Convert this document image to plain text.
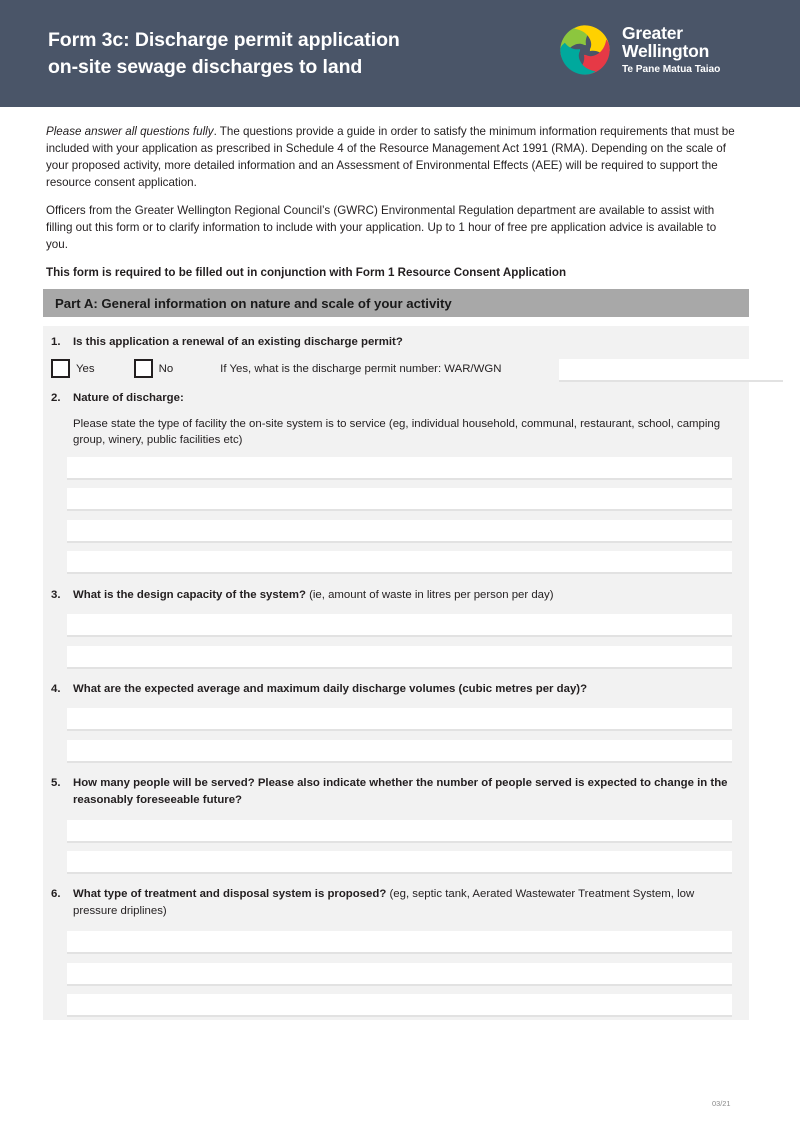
Form 3c: Discharge permit application
on-site sewage discharges to land
Greater
Wellington
Te Pane Matua Taiao

Please answer all questions fully. The questions provide a guide in order to satisfy the minimum information requirements that must be included with your application as prescribed in Schedule 4 of the Resource Management Act 1991 (RMA). Depending on the scale of your proposed activity, more detailed information and an Assessment of Environmental Effects (AEE) will be required to support the resource consent application.

Officers from the Greater Wellington Regional Council’s (GWRC) Environmental Regulation department are available to assist with filling out this form or to clarify information to include with your application. Up to 1 hour of free pre application advice is available to you.

This form is required to be filled out in conjunction with Form 1 Resource Consent Application

Part A: General information on nature and scale of your activity
1.	Is this application a renewal of an existing discharge permit?
Yes	No	If Yes, what is the discharge permit number: WAR/WGN
2.	Nature of discharge:
Please state the type of facility the on-site system is to service (eg, individual household, communal, restaurant, school, camping group, winery, public facilities etc)
3.	What is the design capacity of the system? (ie, amount of waste in litres per person per day)
4.	What are the expected average and maximum daily discharge volumes (cubic metres per day)?
5.	How many people will be served? Please also indicate whether the number of people served is expected to change in the reasonably foreseeable future?
6.	What type of treatment and disposal system is proposed? (eg, septic tank, Aerated Wastewater Treatment System, low pressure driplines)
03/21
